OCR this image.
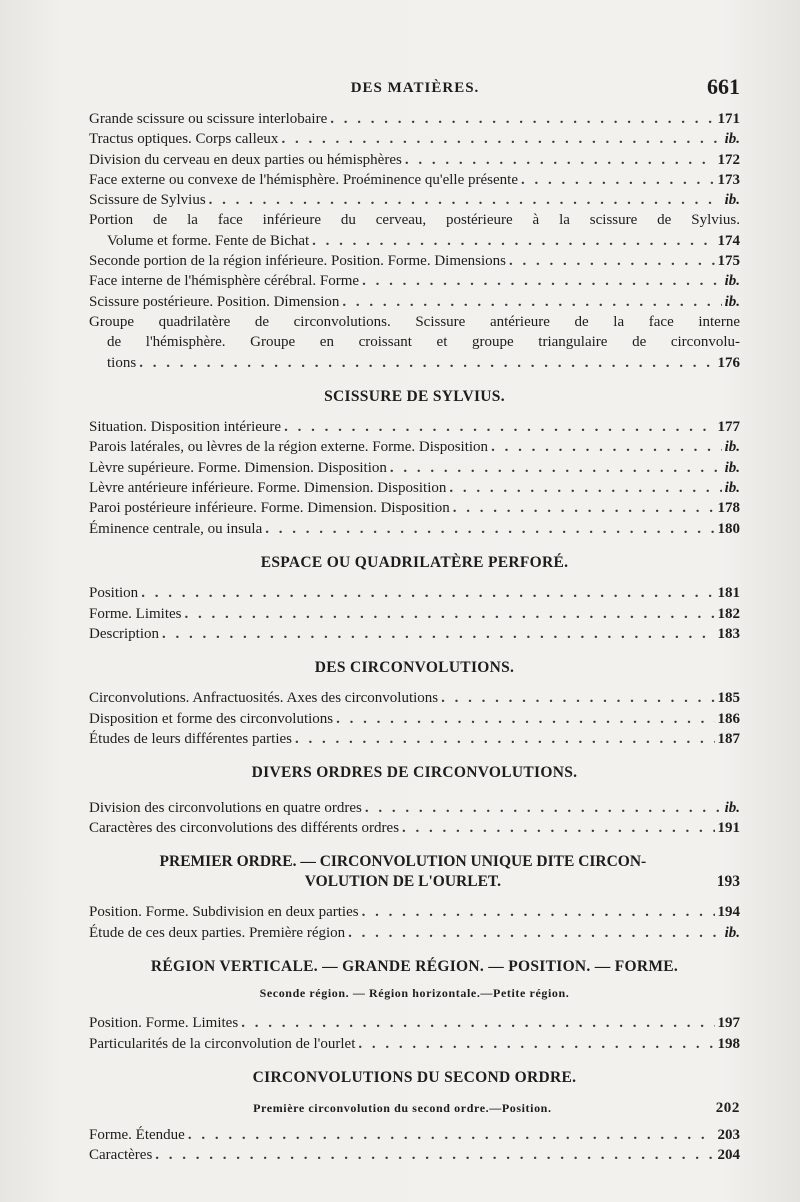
DES MATIÈRES.	661
Grande scissure ou scissure interlobaire . . .	171
Tractus optiques. Corps calleux . . .	ib.
Division du cerveau en deux parties ou hémisphères . . .	172
Face externe ou convexe de l'hémisphère. Proéminence qu'elle présente . . .	173
Scissure de Sylvius . . .	ib.
Portion de la face inférieure du cerveau, postérieure à la scissure de Sylvius.
Volume et forme. Fente de Bichat . . .	174
Seconde portion de la région inférieure. Position. Forme. Dimensions . . .	175
Face interne de l'hémisphère cérébral. Forme . . .	ib.
Scissure postérieure. Position. Dimension . . .	ib.
Groupe quadrilatère de circonvolutions. Scissure antérieure de la face interne
de l'hémisphère. Groupe en croissant et groupe triangulaire de circonvolu-
tions . . .	176
SCISSURE DE SYLVIUS.
Situation. Disposition intérieure . . .	177
Parois latérales, ou lèvres de la région externe. Forme. Disposition . . .	ib.
Lèvre supérieure. Forme. Dimension. Disposition . . .	ib.
Lèvre antérieure inférieure. Forme. Dimension. Disposition . . .	ib.
Paroi postérieure inférieure. Forme. Dimension. Disposition . . .	178
Éminence centrale, ou insula . . .	180
ESPACE OU QUADRILATÈRE PERFORÉ.
Position . . .	181
Forme. Limites . . .	182
Description . . .	183
DES CIRCONVOLUTIONS.
Circonvolutions. Anfractuosités. Axes des circonvolutions . . .	185
Disposition et forme des circonvolutions . . .	186
Études de leurs différentes parties . . .	187
DIVERS ORDRES DE CIRCONVOLUTIONS.
Division des circonvolutions en quatre ordres . . .	ib.
Caractères des circonvolutions des différents ordres . . .	191
PREMIER ORDRE. — CIRCONVOLUTION UNIQUE DITE CIRCON-
VOLUTION DE L'OURLET.	193
Position. Forme. Subdivision en deux parties . . .	194
Étude de ces deux parties. Première région . . .	ib.
RÉGION VERTICALE. — GRANDE RÉGION. — POSITION. — FORME.
Seconde région. — Région horizontale.—Petite région.
Position. Forme. Limites . . .	197
Particularités de la circonvolution de l'ourlet . . .	198
CIRCONVOLUTIONS DU SECOND ORDRE.
Première circonvolution du second ordre.—Position.	202
Forme. Étendue . . .	203
Caractères . . .	204
